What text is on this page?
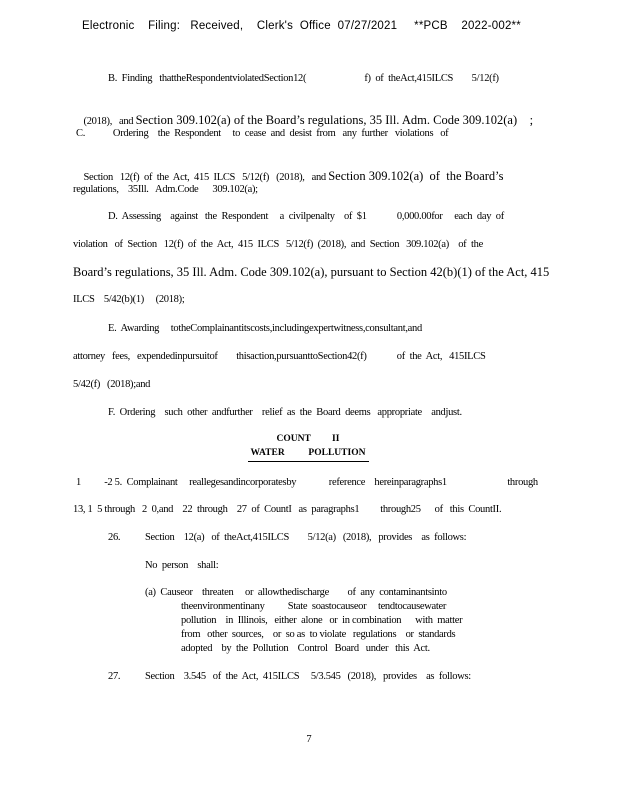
Electronic    Filing:   Received,    Clerk's  Office  07/27/2021     **PCB    2022-002**
B.  Finding   thattheRespondentviolatedSection12(                         f)  of  theAct,415ILCS        5/12(f)

(2018),   and Section 309.102(a) of the Board’s regulations, 35 Ill. Adm. Code 309.102(a)    ;

C.            Ordering    the  Respondent     to  cease  and  desist  from   any  further   violations   of

Section   12(f)  of  the  Act,  415  ILCS   5/12(f)   (2018),   and Section 309.102(a)  of  the Board’s

regulations,    35Ill.   Adm.Code      309.102(a);
D.  Assessing    against   the  Respondent     a  civilpenalty    of  $1             0,000.00for     each  day  of
violation   of  Section   12(f)  of  the  Act,  415  ILCS   5/12(f)  (2018),  and  Section   309.102(a)    of  the
Board’s regulations, 35 Ill. Adm. Code 309.102(a), pursuant to Section 42(b)(1) of the Act, 415
ILCS    5/42(b)(1)     (2018);
E.  Awarding     totheComplainantitscosts,includingexpertwitness,consultant,and
attorney   fees,   expendedinpursuitof        thisaction,pursuanttoSection42(f)             of  the  Act,   415ILCS
5/42(f)   (2018);and
F.  Ordering    such  other  andfurther    relief  as  the  Board  deems   appropriate    andjust.
COUNT         II
WATER          POLLUTION
1          -2 5.  Complainant     reallegesandincorporatesby              reference    hereinparagraphs1                          through
13, 1  5 through   2  0,and    22  through    27  of  CountI   as  paragraphs1         through25      of   this  CountII.
26. Section    12(a)   of  theAct,415ILCS        5/12(a)   (2018),   provides    as  follows:
No  person    shall:
(a)  Causeor    threaten     or  allowthedischarge        of  any  contaminantsinto
theenvironmentinany          State  soastocauseor     tendtocausewater
pollution    in  Illinois,   either  alone   or  in combination      with  matter
from   other  sources,    or  so as  to violate   regulations    or  standards
adopted    by  the  Pollution    Control   Board   under   this  Act.
27. Section    3.545   of  the  Act,  415ILCS     5/3.545   (2018),   provides    as  follows:
7
